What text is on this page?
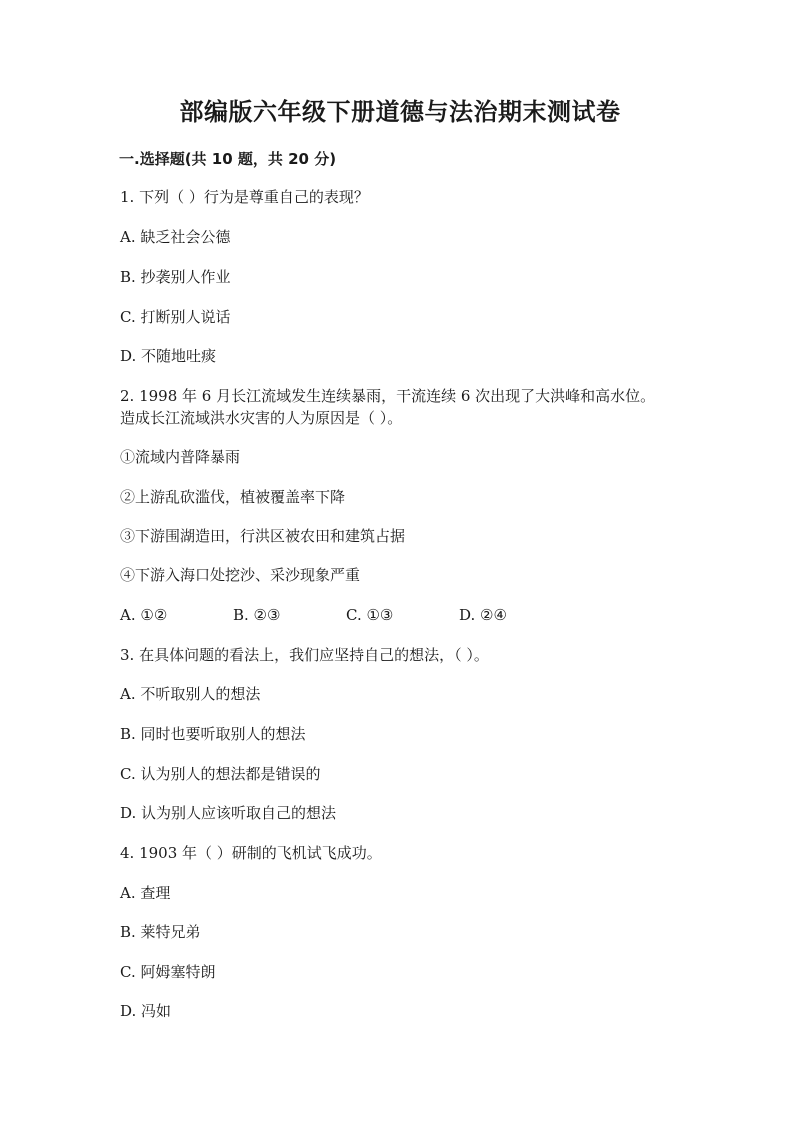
部编版六年级下册道德与法治期末测试卷
一.选择题(共 10 题，共 20 分)
1. 下列（ ）行为是尊重自己的表现？
A. 缺乏社会公德
B. 抄袭别人作业
C. 打断别人说话
D. 不随地吐痰
2. 1998 年 6 月长江流域发生连续暴雨，干流连续 6 次出现了大洪峰和高水位。
造成长江流域洪水灾害的人为原因是（ ）。
①流域内普降暴雨
②上游乱砍滥伐，植被覆盖率下降
③下游围湖造田，行洪区被农田和建筑占据
④下游入海口处挖沙、采沙现象严重
A. ①②	B. ②③	C. ①③	D. ②④
3. 在具体问题的看法上，我们应坚持自己的想法，（ ）。
A. 不听取别人的想法
B. 同时也要听取别人的想法
C. 认为别人的想法都是错误的
D. 认为别人应该听取自己的想法
4. 1903 年（ ）研制的飞机试飞成功。
A. 查理
B. 莱特兄弟
C. 阿姆塞特朗
D. 冯如
